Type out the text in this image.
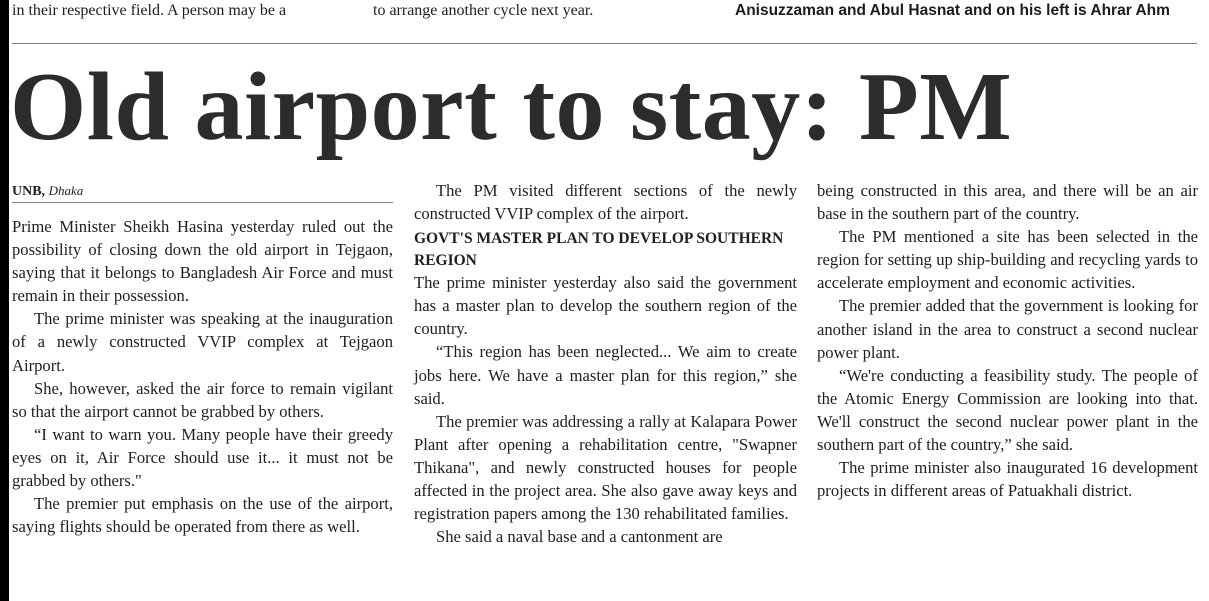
in their respective field. A person may be a	to arrange another cycle next year.	Anisuzzaman and Abul Hasnat and on his left is Ahrar Ahm
Old airport to stay: PM

UNB, Dhaka

Prime Minister Sheikh Hasina yesterday ruled out the possibility of closing down the old airport in Tejgaon, saying that it belongs to Bangladesh Air Force and must remain in their possession.

The prime minister was speaking at the inauguration of a newly constructed VVIP complex at Tejgaon Airport.

She, however, asked the air force to remain vigilant so that the airport cannot be grabbed by others.

“I want to warn you. Many people have their greedy eyes on it, Air Force should use it... it must not be grabbed by others."

The premier put emphasis on the use of the airport, saying flights should be operated from there as well.

The PM visited different sections of the newly constructed VVIP complex of the airport.

GOVT'S MASTER PLAN TO DEVELOP SOUTHERN REGION

The prime minister yesterday also said the government has a master plan to develop the southern region of the country.

“This region has been neglected... We aim to create jobs here. We have a master plan for this region,” she said.

The premier was addressing a rally at Kalapara Power Plant after opening a rehabilitation centre, "Swapner Thikana", and newly constructed houses for people affected in the project area. She also gave away keys and registration papers among the 130 rehabilitated families.

She said a naval base and a cantonment are

being constructed in this area, and there will be an air base in the southern part of the country.

The PM mentioned a site has been selected in the region for setting up ship-building and recycling yards to accelerate employment and economic activities.

The premier added that the government is looking for another island in the area to construct a second nuclear power plant.

“We're conducting a feasibility study. The people of the Atomic Energy Commission are looking into that. We'll construct the second nuclear power plant in the southern part of the country,” she said.

The prime minister also inaugurated 16 development projects in different areas of Patuakhali district.
